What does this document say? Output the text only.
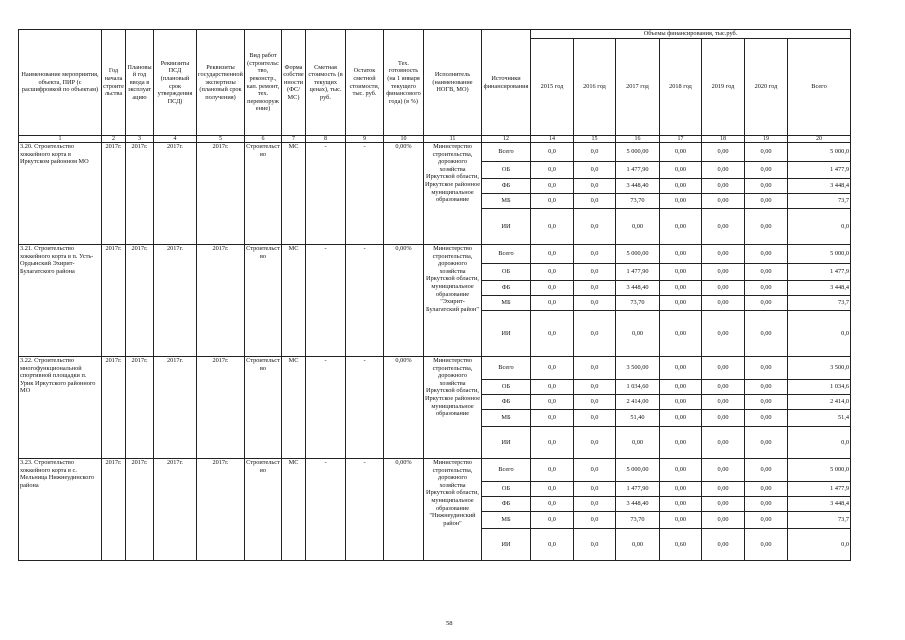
Наименование мероприятия, объекта, ПИР (с расшифровкой по объектам)	Год начала строительства	Плановый год ввода в эксплуатацию	Реквизиты ПСД (плановый срок утверждения ПСД)	Реквизиты государственной экспертизы (плановый срок получения)	Вид работ (строительство, реконстр., кап. ремонт, тех. перевооружение)	Форма собственности (ФС/МС)	Сметная стоимость (в текущих ценах), тыс. руб.	Остаток сметной стоимости, тыс. руб.	Тех. готовность (на 1 января текущего финансового года) (в %)	Исполнитель (наименование НОГВ, МО)	Источники финансирования	Объемы финансирования, тыс.руб.						
												2015 год	2016 год	2017 год	2018 год	2019 год	2020 год	Всего
1	2	3	4	5	6	7	8	9	10	11	12	14	15	16	17	18	19	20
3.20. Строительство хоккейного корта в Иркутском районном МО	2017г.	2017г.	2017г.	2017г.	Строительство	МС	-	-	0,00%	Министерство строительства, дорожного хозяйства Иркутской области, Иркутское районное муниципальное образование	Всего	0,0	0,0	5 000,00	0,00	0,00	0,00	5 000,0
											ОБ	0,0	0,0	1 477,90	0,00	0,00	0,00	1 477,9
											ФБ	0,0	0,0	3 448,40	0,00	0,00	0,00	3 448,4
											МБ	0,0	0,0	73,70	0,00	0,00	0,00	73,7
											ИИ	0,0	0,0	0,00	0,00	0,00	0,00	0,0
3.21. Строительство хоккейного корта в п. Усть-Ордынский Эхирит-Булагатского района	2017г.	2017г.	2017г.	2017г.	Строительство	МС	-	-	0,00%	Министерство строительства, дорожного хозяйства Иркутской области, муниципальное образование "Эхирит-Булагатский район"	Всего	0,0	0,0	5 000,00	0,00	0,00	0,00	5 000,0
											ОБ	0,0	0,0	1 477,90	0,00	0,00	0,00	1 477,9
											ФБ	0,0	0,0	3 448,40	0,00	0,00	0,00	3 448,4
											МБ	0,0	0,0	73,70	0,00	0,00	0,00	73,7
											ИИ	0,0	0,0	0,00	0,00	0,00	0,00	0,0
3.22. Строительство многофункциональной спортивной площадки п. Урик Иркутского районного МО	2017г.	2017г.	2017г.	2017г.	Строительство	МС	-	-	0,00%	Министерство строительства, дорожного хозяйства Иркутской области, Иркутское районное муниципальное образование	Всего	0,0	0,0	3 500,00	0,00	0,00	0,00	3 500,0
											ОБ	0,0	0,0	1 034,60	0,00	0,00	0,00	1 034,6
											ФБ	0,0	0,0	2 414,00	0,00	0,00	0,00	2 414,0
											МБ	0,0	0,0	51,40	0,00	0,00	0,00	51,4
											ИИ	0,0	0,0	0,00	0,00	0,00	0,00	0,0
3.23. Строительство хоккейного корта в с. Мельница Нижнеудинского района	2017г.	2017г.	2017г.	2017г.	Строительство	МС	-	-	0,00%	Министерство строительства, дорожного хозяйства Иркутской области, муниципальное образование "Нижнеудинский район"	Всего	0,0	0,0	5 000,00	0,00	0,00	0,00	5 000,0
											ОБ	0,0	0,0	1 477,90	0,00	0,00	0,00	1 477,9
											ФБ	0,0	0,0	3 448,40	0,00	0,00	0,00	3 448,4
											МБ	0,0	0,0	73,70	0,00	0,00	0,00	73,7
											ИИ	0,0	0,0	0,00	0,60	0,00	0,00	0,0
58
